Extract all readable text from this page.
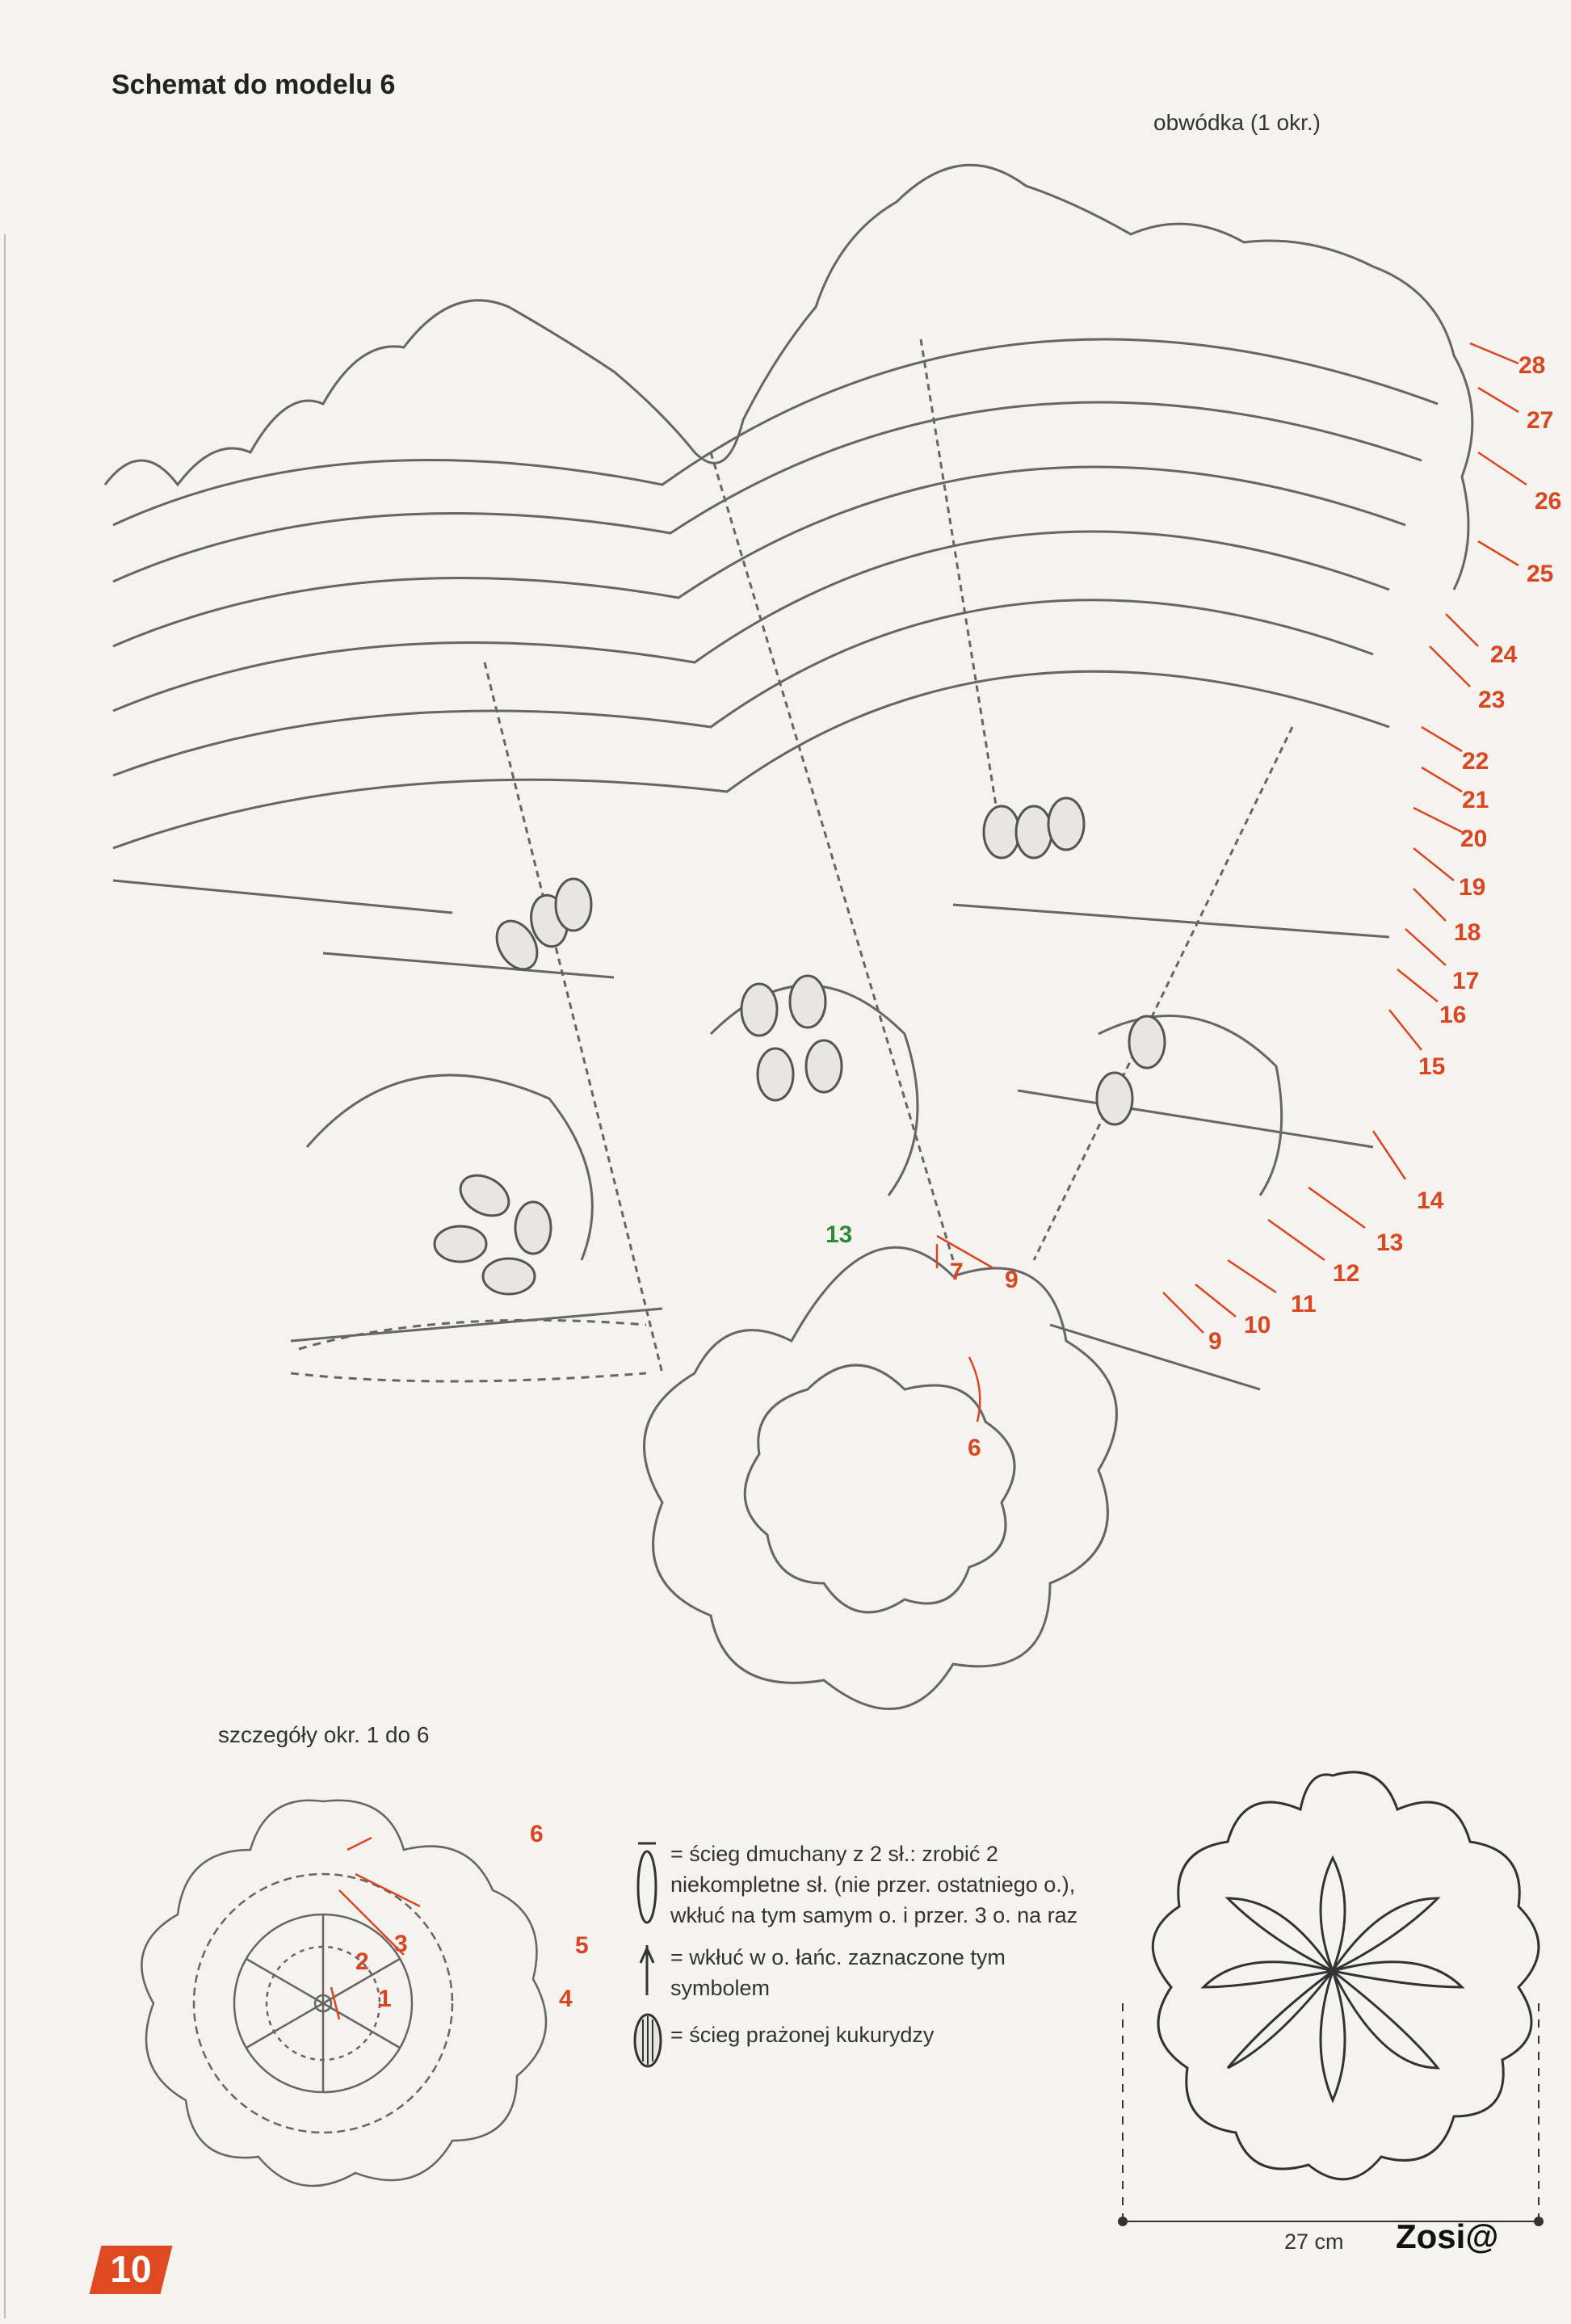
Schemat do modelu 6
obwódka (1 okr.)
28
27
26
25
24
23
22
21
20
19
18
17
16
15
14
13
12
11
10
9
13
7 9
6
szczegóły okr. 1 do 6
6
5
4
3
2
1
= ścieg dmuchany z 2 sł.: zrobić 2 niekompletne sł. (nie przer. ostatniego o.), wkłuć na tym samym o. i przer. 3 o. na raz
= wkłuć w o. łańc. zaznaczone tym symbolem
= ścieg prażonej kukurydzy
27 cm
10
Zosi@
